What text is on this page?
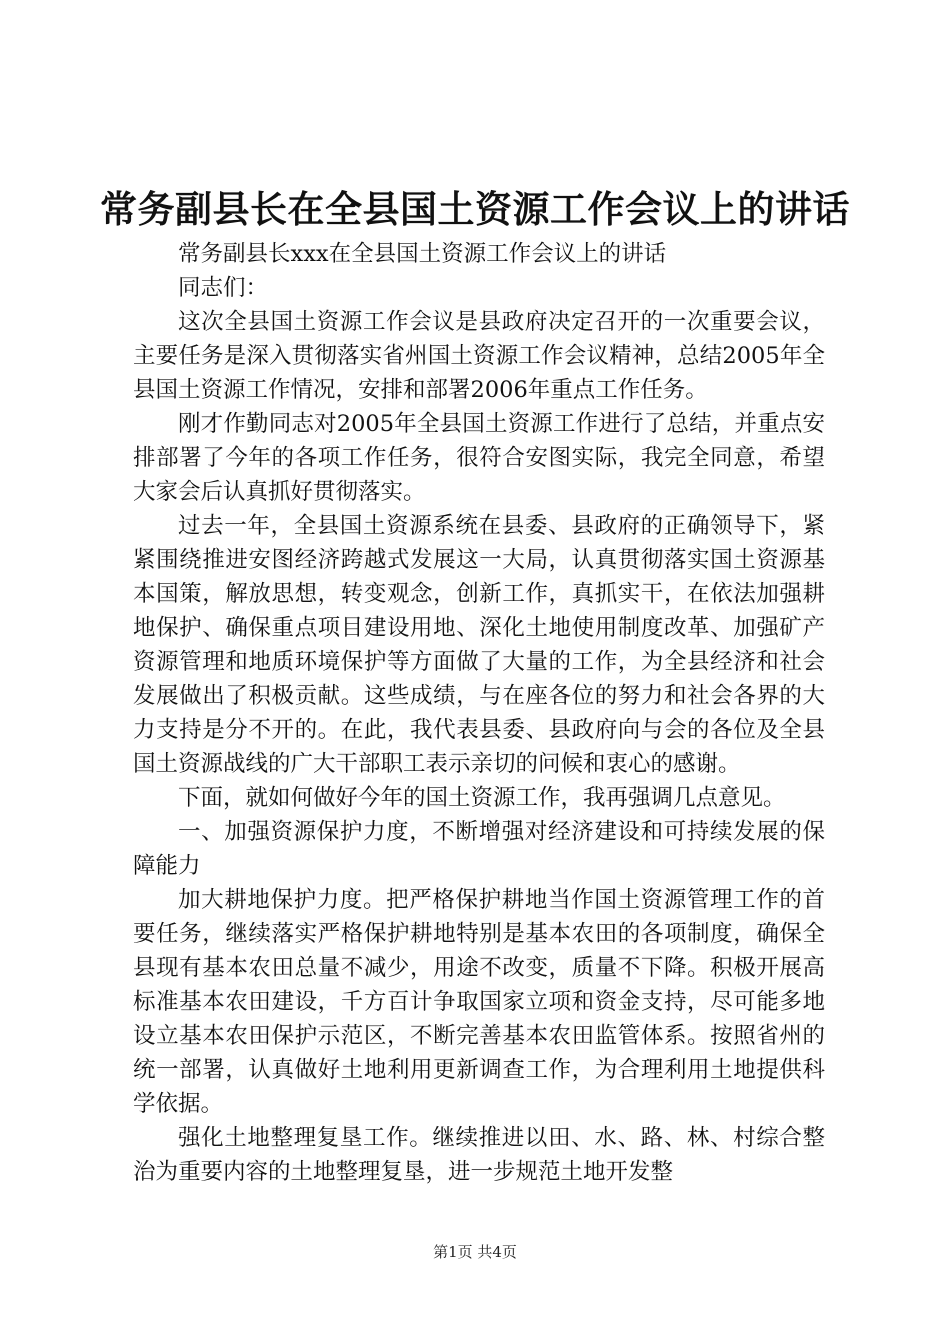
常务副县长在全县国土资源工作会议上的讲话

常务副县长xxx在全县国土资源工作会议上的讲话

同志们：

这次全县国土资源工作会议是县政府决定召开的一次重要会议，主要任务是深入贯彻落实省州国土资源工作会议精神，总结2005年全县国土资源工作情况，安排和部署2006年重点工作任务。

刚才作勤同志对2005年全县国土资源工作进行了总结，并重点安排部署了今年的各项工作任务，很符合安图实际，我完全同意，希望大家会后认真抓好贯彻落实。

过去一年，全县国土资源系统在县委、县政府的正确领导下，紧紧围绕推进安图经济跨越式发展这一大局，认真贯彻落实国土资源基本国策，解放思想，转变观念，创新工作，真抓实干，在依法加强耕地保护、确保重点项目建设用地、深化土地使用制度改革、加强矿产资源管理和地质环境保护等方面做了大量的工作，为全县经济和社会发展做出了积极贡献。这些成绩，与在座各位的努力和社会各界的大力支持是分不开的。在此，我代表县委、县政府向与会的各位及全县国土资源战线的广大干部职工表示亲切的问候和衷心的感谢。

下面，就如何做好今年的国土资源工作，我再强调几点意见。

一、加强资源保护力度，不断增强对经济建设和可持续发展的保障能力

加大耕地保护力度。把严格保护耕地当作国土资源管理工作的首要任务，继续落实严格保护耕地特别是基本农田的各项制度，确保全县现有基本农田总量不减少，用途不改变，质量不下降。积极开展高标准基本农田建设，千方百计争取国家立项和资金支持，尽可能多地设立基本农田保护示范区，不断完善基本农田监管体系。按照省州的统一部署，认真做好土地利用更新调查工作，为合理利用土地提供科学依据。

强化土地整理复垦工作。继续推进以田、水、路、林、村综合整治为重要内容的土地整理复垦，进一步规范土地开发整

第1页 共4页
